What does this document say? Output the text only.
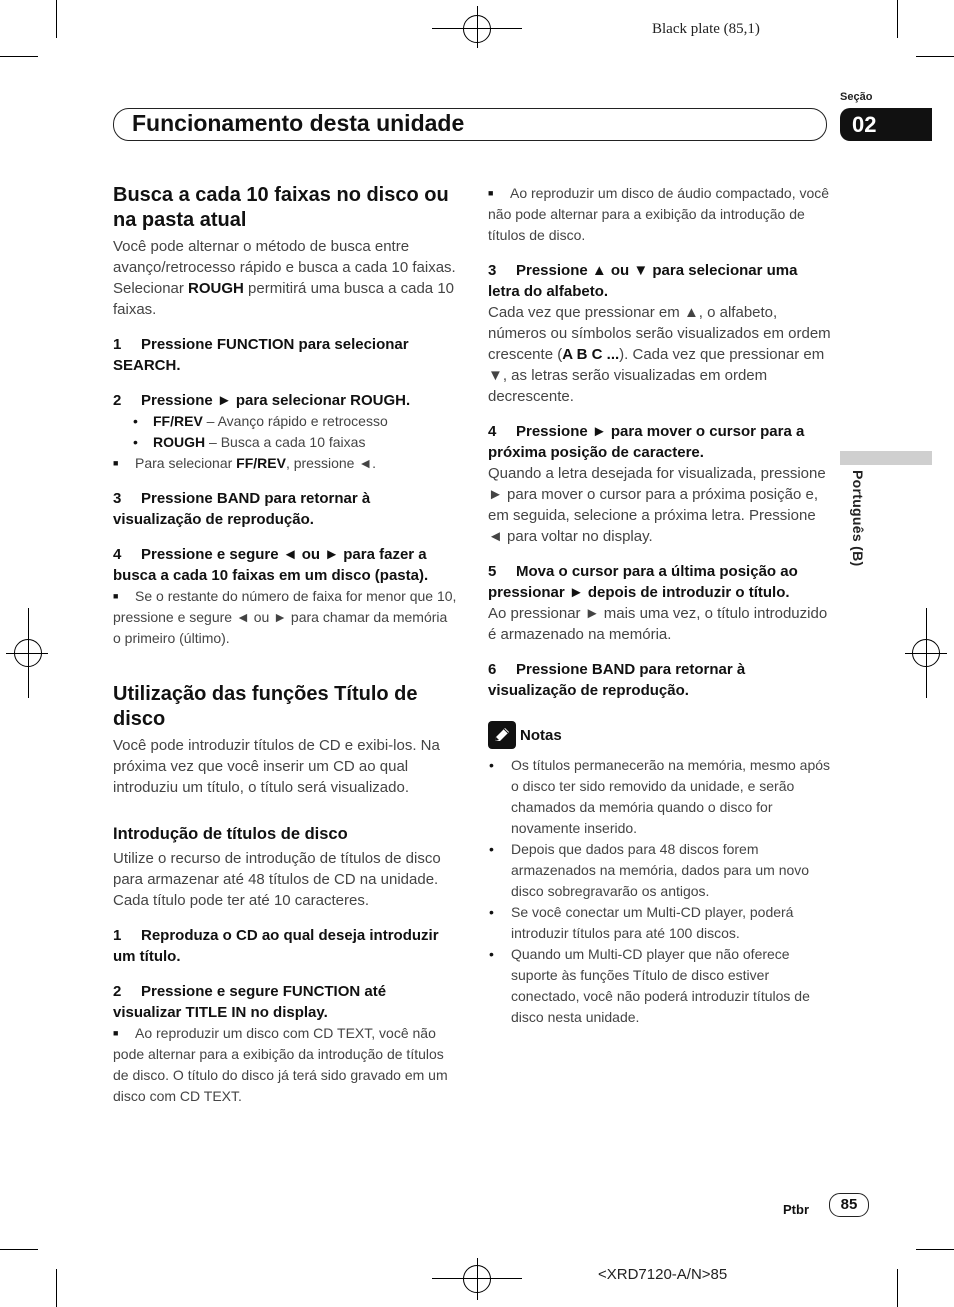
Black plate (85,1)
Seção
Funcionamento desta unidade	02
Português (B)
Busca a cada 10 faixas no disco ou na pasta atual

Você pode alternar o método de busca entre avanço/retrocesso rápido e busca a cada 10 faixas. Selecionar ROUGH permitirá uma busca a cada 10 faixas.

1 Pressione FUNCTION para selecionar SEARCH.

2 Pressione ► para selecionar ROUGH.

• FF/REV – Avanço rápido e retrocesso

• ROUGH – Busca a cada 10 faixas

■ Para selecionar FF/REV, pressione ◄.

3 Pressione BAND para retornar à visualização de reprodução.

4 Pressione e segure ◄ ou ► para fazer a busca a cada 10 faixas em um disco (pasta).

■ Se o restante do número de faixa for menor que 10, pressione e segure ◄ ou ► para chamar da memória o primeiro (último).

Utilização das funções Título de disco

Você pode introduzir títulos de CD e exibi-los. Na próxima vez que você inserir um CD ao qual introduziu um título, o título será visualizado.

Introdução de títulos de disco

Utilize o recurso de introdução de títulos de disco para armazenar até 48 títulos de CD na unidade. Cada título pode ter até 10 caracteres.

1 Reproduza o CD ao qual deseja introduzir um título.

2 Pressione e segure FUNCTION até visualizar TITLE IN no display.

■ Ao reproduzir um disco com CD TEXT, você não pode alternar para a exibição da introdução de títulos de disco. O título do disco já terá sido gravado em um disco com CD TEXT.

■ Ao reproduzir um disco de áudio compactado, você não pode alternar para a exibição da introdução de títulos de disco.

3 Pressione ▲ ou ▼ para selecionar uma letra do alfabeto.

Cada vez que pressionar em ▲, o alfabeto, números ou símbolos serão visualizados em ordem crescente (A B C ...). Cada vez que pressionar em ▼, as letras serão visualizadas em ordem decrescente.

4 Pressione ► para mover o cursor para a próxima posição de caractere.

Quando a letra desejada for visualizada, pressione ► para mover o cursor para a próxima posição e, em seguida, selecione a próxima letra. Pressione ◄ para voltar no display.

5 Mova o cursor para a última posição ao pressionar ► depois de introduzir o título.

Ao pressionar ► mais uma vez, o título introduzido é armazenado na memória.

6 Pressione BAND para retornar à visualização de reprodução.

Notas

• Os títulos permanecerão na memória, mesmo após o disco ter sido removido da unidade, e serão chamados da memória quando o disco for novamente inserido.

• Depois que dados para 48 discos forem armazenados na memória, dados para um novo disco sobregravarão os antigos.

• Se você conectar um Multi-CD player, poderá introduzir títulos para até 100 discos.

• Quando um Multi-CD player que não oferece suporte às funções Título de disco estiver conectado, você não poderá introduzir títulos de disco nesta unidade.

Ptbr	85
<XRD7120-A/N>85
